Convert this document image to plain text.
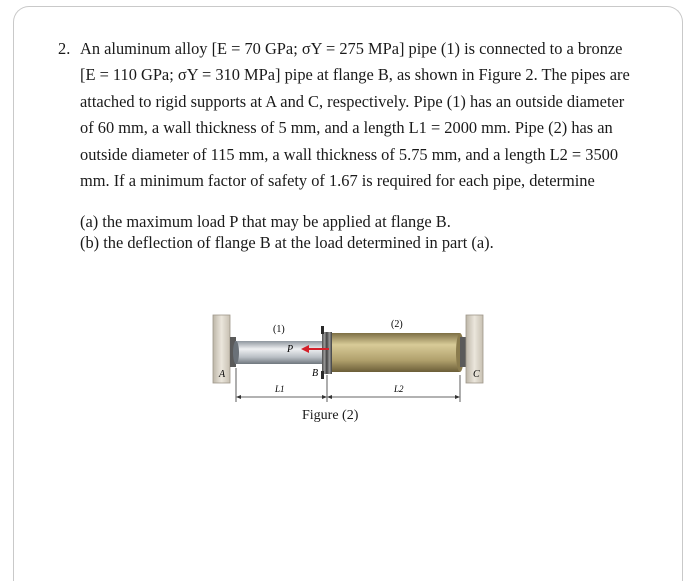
2. An aluminum alloy [E = 70 GPa; σY = 275 MPa] pipe (1) is connected to a bronze
[E = 110 GPa; σY = 310 MPa] pipe at flange B, as shown in Figure 2. The pipes are
attached to rigid supports at A and C, respectively. Pipe (1) has an outside diameter
of 60 mm, a wall thickness of 5 mm, and a length L1 = 2000 mm. Pipe (2) has an
outside diameter of 115 mm, a wall thickness of 5.75 mm, and a length L2 = 3500
mm. If a minimum factor of safety of 1.67 is required for each pipe, determine
(a) the maximum load P that may be applied at flange B.
(b) the deflection of flange B at the load determined in part (a).
A	B	C
P
(1)	(2)
L1	L2
Figure (2)
